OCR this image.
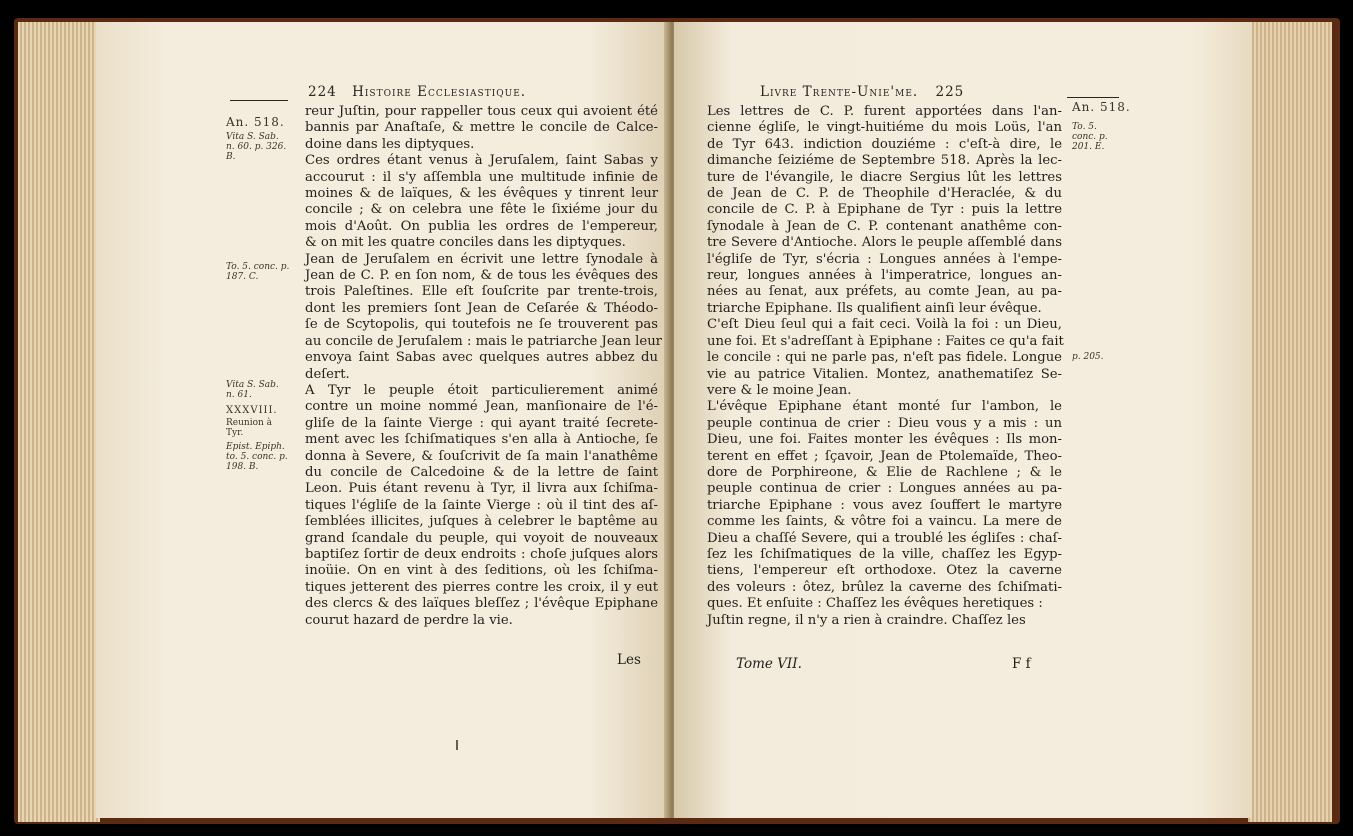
224 Histoire Ecclesiastique.
An. 518.
Vita S. Sab. n. 60. p. 326. B.
To. 5. conc. p. 187. C.
Vita S. Sab. n. 61.
XXXVIII.
Reunion à Tyr.
Epist. Epiph. to. 5. conc. p. 198. B.
reur Juſtin, pour rappeller tous ceux qui avoient été
bannis par Anaſtaſe, & mettre le concile de Calce-
doine dans les diptyques.
Ces ordres étant venus à Jeruſalem, ſaint Sabas y
accourut : il s'y aſſembla une multitude infinie de
moines & de laïques, & les évêques y tinrent leur
concile ; & on celebra une fête le ſixiéme jour du
mois d'Août. On publia les ordres de l'empereur,
& on mit les quatre conciles dans les diptyques.
Jean de Jeruſalem en écrivit une lettre ſynodale à
Jean de C. P. en ſon nom, & de tous les évêques des
trois Paleſtines. Elle eſt ſouſcrite par trente-trois,
dont les premiers ſont Jean de Ceſarée & Théodo-
ſe de Scytopolis, qui toutefois ne ſe trouverent pas
au concile de Jeruſalem : mais le patriarche Jean leur
envoya ſaint Sabas avec quelques autres abbez du
deſert.
A Tyr le peuple étoit particulierement animé
contre un moine nommé Jean, manſionaire de l'é-
gliſe de la ſainte Vierge : qui ayant traité ſecrete-
ment avec les ſchiſmatiques s'en alla à Antioche, ſe
donna à Severe, & ſouſcrivit de ſa main l'anathême
du concile de Calcedoine & de la lettre de ſaint
Leon. Puis étant revenu à Tyr, il livra aux ſchiſma-
tiques l'égliſe de la ſainte Vierge : où il tint des aſ-
ſemblées illicites, juſques à celebrer le baptême au
grand ſcandale du peuple, qui voyoit de nouveaux
baptiſez ſortir de deux endroits : choſe juſques alors
inoüie. On en vint à des ſeditions, où les ſchiſma-
tiques jetterent des pierres contre les croix, il y eut
des clercs & des laïques bleſſez ; l'évêque Epiphane
courut hazard de perdre la vie.
Les
Livre Trente-Unie'me. 225
An. 518.
To. 5. conc. p. 201. E.
p. 205.
Les lettres de C. P. furent apportées dans l'an-
cienne égliſe, le vingt-huitiéme du mois Loüs, l'an
de Tyr 643. indiction douziéme : c'eſt-à dire, le
dimanche ſeiziéme de Septembre 518. Après la lec-
ture de l'évangile, le diacre Sergius lût les lettres
de Jean de C. P. de Theophile d'Heraclée, & du
concile de C. P. à Epiphane de Tyr : puis la lettre
ſynodale à Jean de C. P. contenant anathême con-
tre Severe d'Antioche. Alors le peuple aſſemblé dans
l'égliſe de Tyr, s'écria : Longues années à l'empe-
reur, longues années à l'imperatrice, longues an-
nées au ſenat, aux préfets, au comte Jean, au pa-
triarche Epiphane. Ils qualifient ainſi leur évêque.
C'eſt Dieu ſeul qui a fait ceci. Voilà la foi : un Dieu,
une foi. Et s'adreſſant à Epiphane : Faites ce qu'a fait
le concile : qui ne parle pas, n'eſt pas fidele. Longue
vie au patrice Vitalien. Montez, anathematiſez Se-
vere & le moine Jean.
L'évêque Epiphane étant monté ſur l'ambon, le
peuple continua de crier : Dieu vous y a mis : un
Dieu, une foi. Faites monter les évêques : Ils mon-
terent en effet ; ſçavoir, Jean de Ptolemaïde, Theo-
dore de Porphireone, & Elie de Rachlene ; & le
peuple continua de crier : Longues années au pa-
triarche Epiphane : vous avez ſouffert le martyre
comme les ſaints, & vôtre foi a vaincu. La mere de
Dieu a chaſſé Severe, qui a troublé les égliſes : chaſ-
ſez les ſchiſmatiques de la ville, chaſſez les Egyp-
tiens, l'empereur eſt orthodoxe. Otez la caverne
des voleurs : ôtez, brûlez la caverne des ſchiſmati-
ques. Et enſuite : Chaſſez les évêques heretiques :
Juſtin regne, il n'y a rien à craindre. Chaſſez les
Tome VII.	F f
